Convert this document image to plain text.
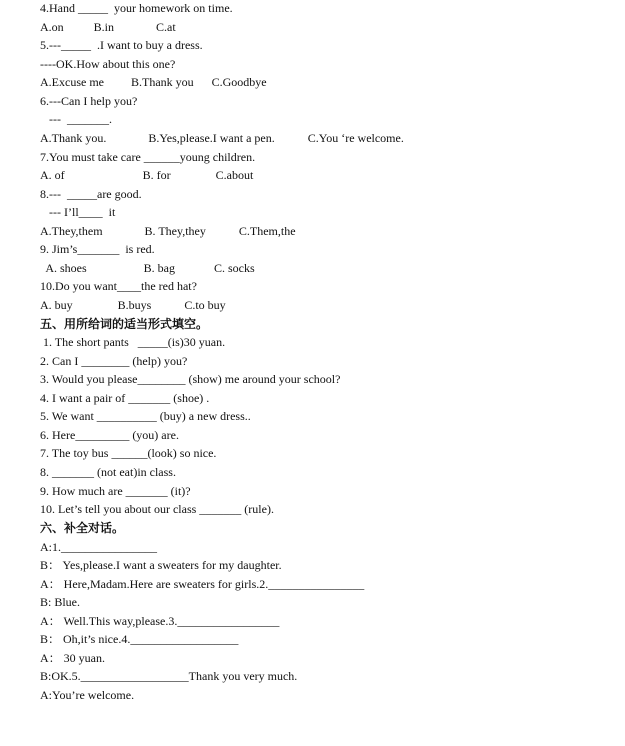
4.Hand _____  your homework on time.
A.on          B.in              C.at
5.---_____  .I want to buy a dress.
----OK.How about this one?
A.Excuse me         B.Thank you      C.Goodbye
6.---Can I help you?
---  _______.
A.Thank you.              B.Yes,please.I want a pen.           C.You ‘re welcome.
7.You must take care ______young children.
A. of                          B. for               C.about
8.---  _____are good.
--- I’ll____  it
A.They,them              B. They,they           C.Them,the
9. Jim’s_______  is red.
A. shoes                   B. bag             C. socks
10.Do you want____the red hat?
A. buy               B.buys           C.to buy
五、用所给词的适当形式填空。
1. The short pants   _____(is)30 yuan.
2. Can I ________ (help) you?
3. Would you please________ (show) me around your school?
4. I want a pair of _______ (shoe) .
5. We want __________ (buy) a new dress..
6. Here_________ (you) are.
7. The toy bus ______(look) so nice.
8. _______ (not eat)in class.
9. How much are _______ (it)?
10. Let’s tell you about our class _______ (rule).
六、补全对话。
A:1.________________
B： Yes,please.I want a sweaters for my daughter.
A： Here,Madam.Here are sweaters for girls.2.________________
B: Blue.
A： Well.This way,please.3._________________
B： Oh,it’s nice.4.__________________
A： 30 yuan.
B:OK.5.__________________Thank you very much.
A:You’re welcome.
